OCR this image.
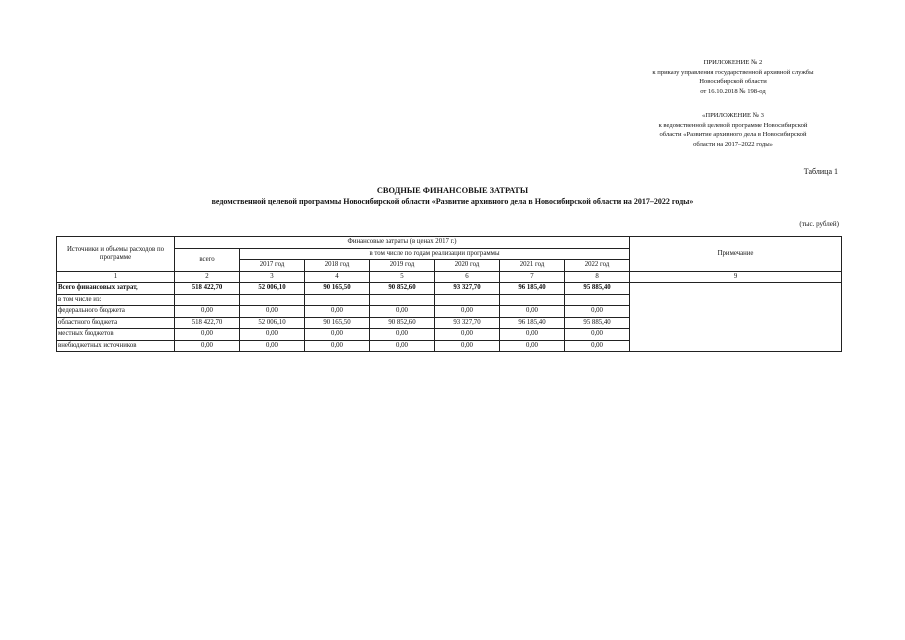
ПРИЛОЖЕНИЕ № 2
к приказу управления государственной архивной службы
Новосибирской области
от 16.10.2018 № 198-од
«ПРИЛОЖЕНИЕ № 3
к ведомственной целевой программе Новосибирской
области «Развитие архивного дела в Новосибирской
области на 2017–2022 годы»
Таблица 1
СВОДНЫЕ ФИНАНСОВЫЕ ЗАТРАТЫ
ведомственной целевой программы Новосибирской области «Развитие архивного дела в Новосибирской области на 2017–2022 годы»
(тыс. рублей)
Источники и объемы расходов по программе	Финансовые затраты (в ценах 2017 г.)							Примечание
	всего	в том числе по годам реализации программы						
		2017 год	2018 год	2019 год	2020 год	2021 год	2022 год	
1	2	3	4	5	6	7	8	9
Всего финансовых затрат,	518 422,70	52 006,10	90 165,50	90 852,60	93 327,70	96 185,40	95 885,40	
в том числе из:								
федерального бюджета	0,00	0,00	0,00	0,00	0,00	0,00	0,00	
областного бюджета	518 422,70	52 006,10	90 165,50	90 852,60	93 327,70	96 185,40	95 885,40	
местных бюджетов	0,00	0,00	0,00	0,00	0,00	0,00	0,00	
внебюджетных источников	0,00	0,00	0,00	0,00	0,00	0,00	0,00	
